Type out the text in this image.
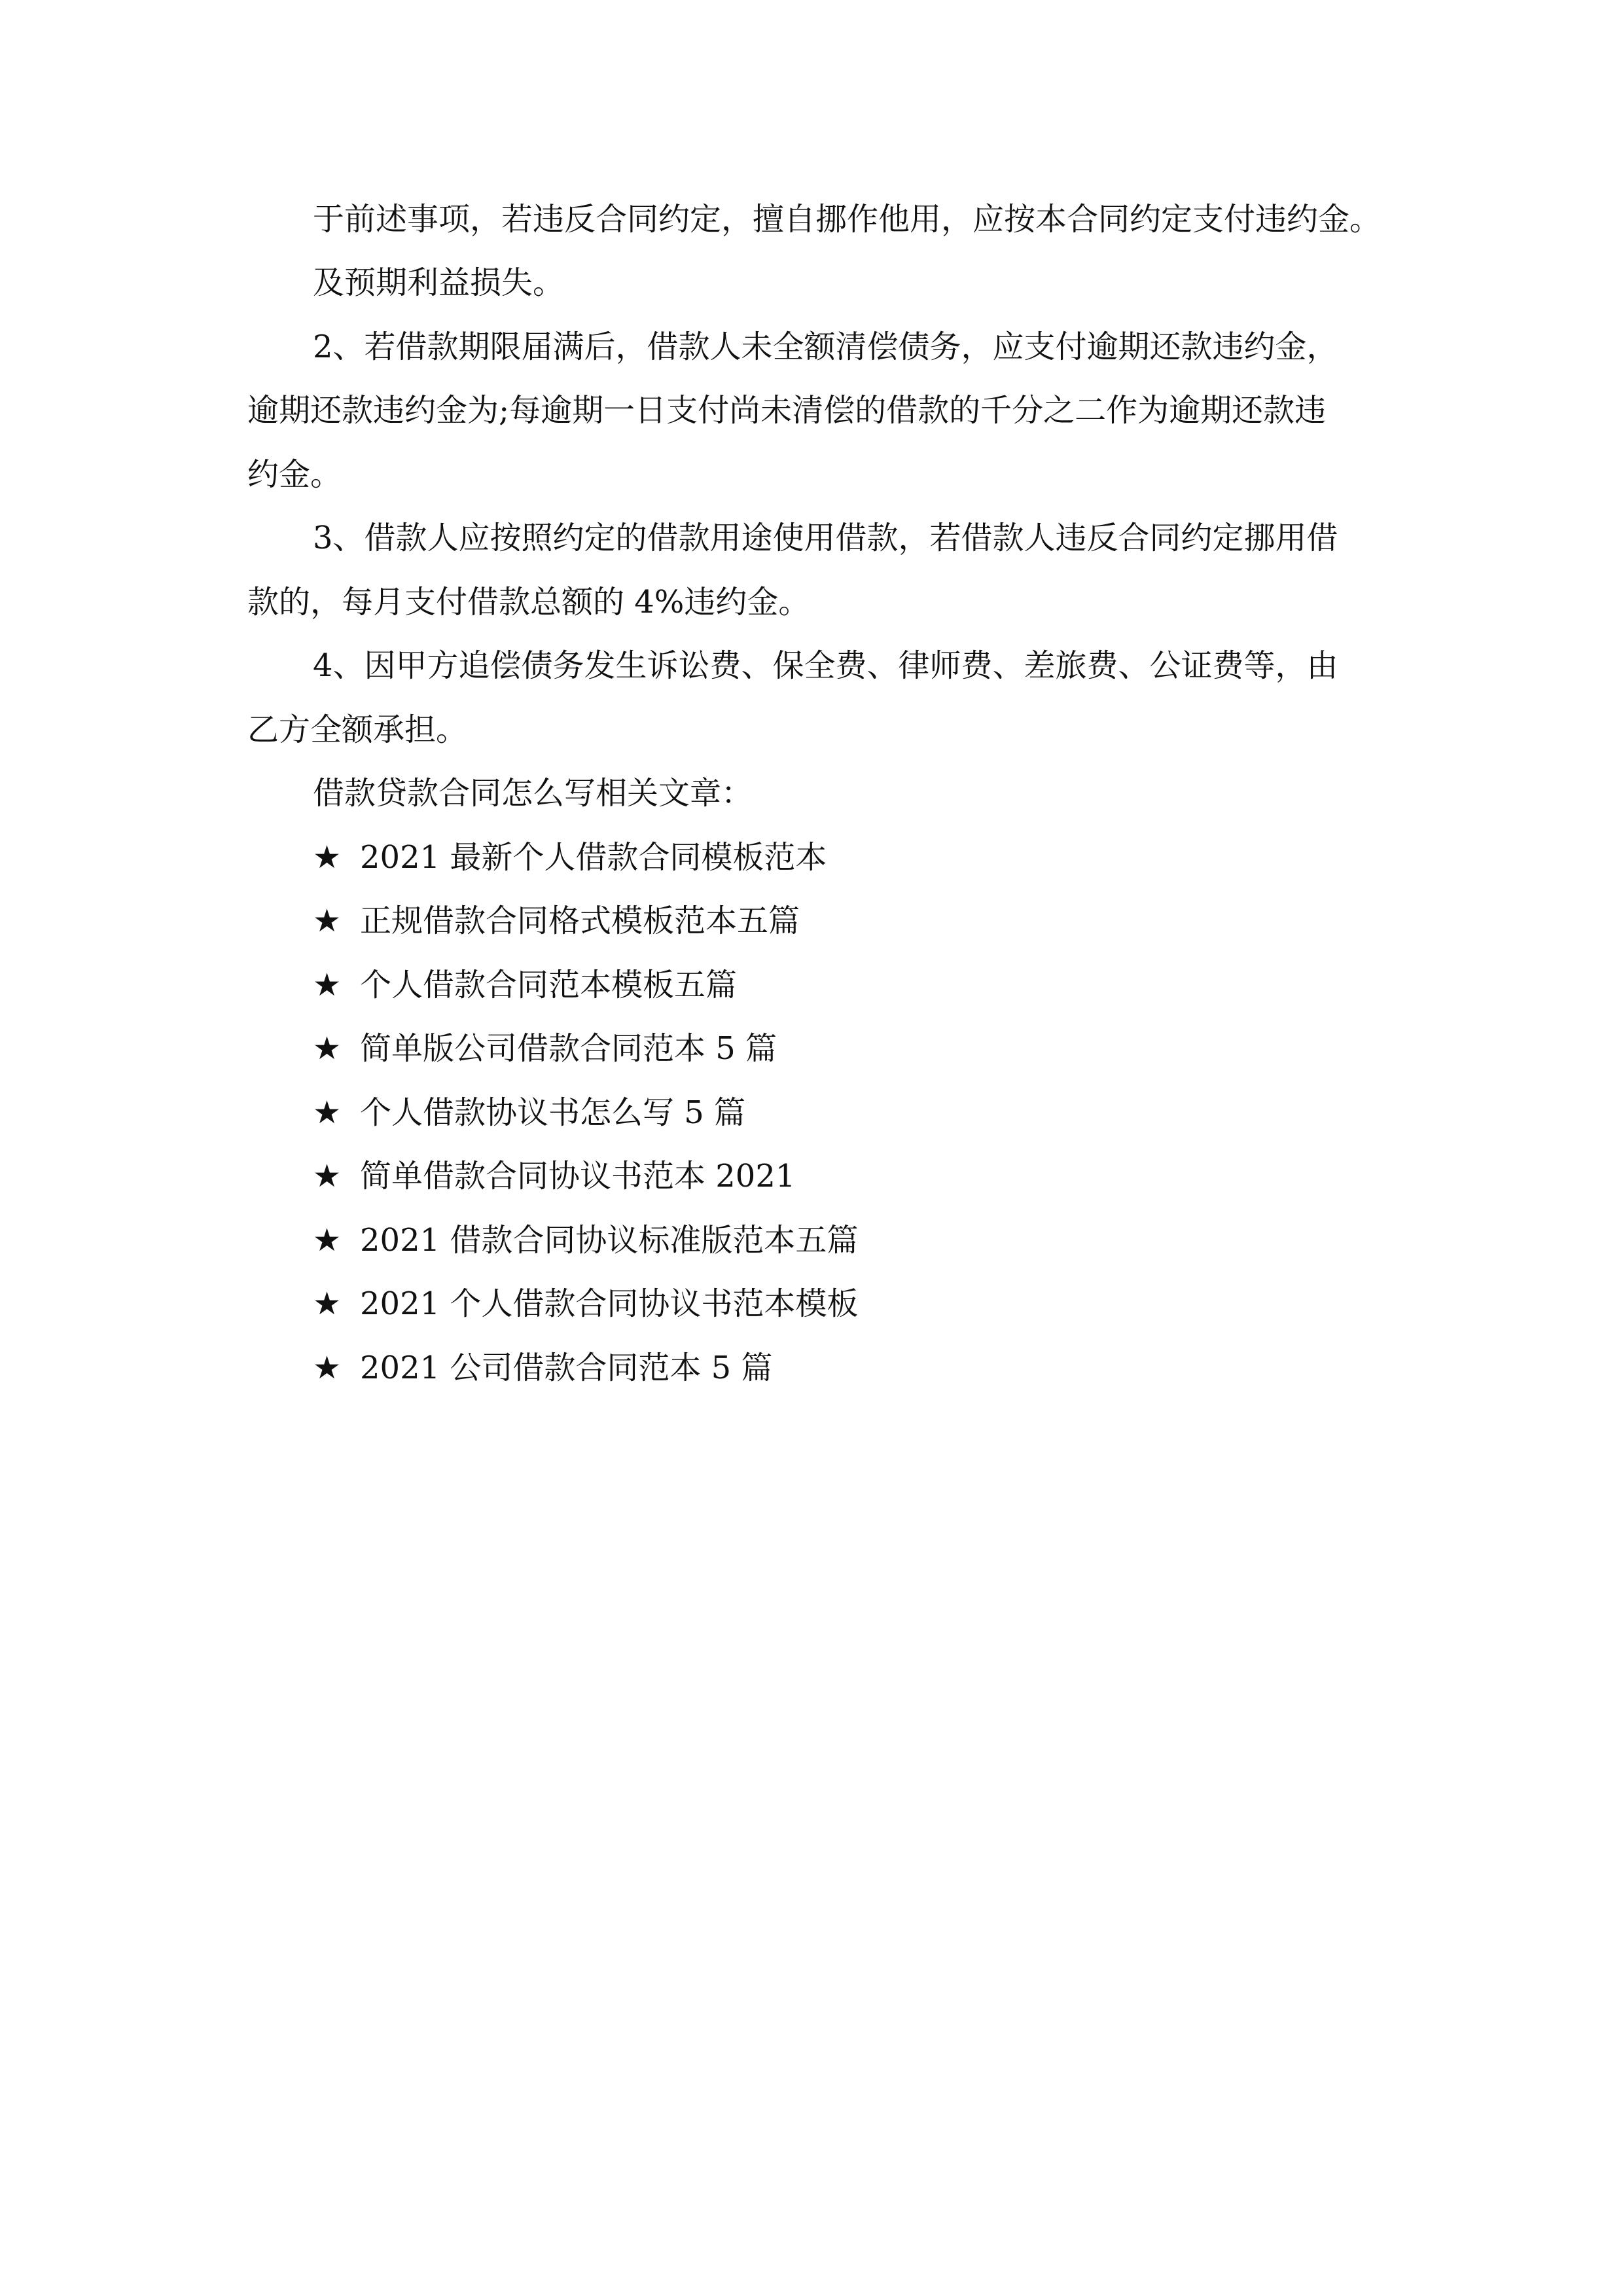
于前述事项，若违反合同约定，擅自挪作他用，应按本合同约定支付违约金。
及预期利益损失。
2、若借款期限届满后，借款人未全额清偿债务，应支付逾期还款违约金，
逾期还款违约金为;每逾期一日支付尚未清偿的借款的千分之二作为逾期还款违
约金。
3、借款人应按照约定的借款用途使用借款，若借款人违反合同约定挪用借
款的，每月支付借款总额的 4%违约金。
4、因甲方追偿债务发生诉讼费、保全费、律师费、差旅费、公证费等，由
乙方全额承担。
借款贷款合同怎么写相关文章：
★ 2021 最新个人借款合同模板范本
★ 正规借款合同格式模板范本五篇
★ 个人借款合同范本模板五篇
★ 简单版公司借款合同范本 5 篇
★ 个人借款协议书怎么写 5 篇
★ 简单借款合同协议书范本 2021
★ 2021 借款合同协议标准版范本五篇
★ 2021 个人借款合同协议书范本模板
★ 2021 公司借款合同范本 5 篇
